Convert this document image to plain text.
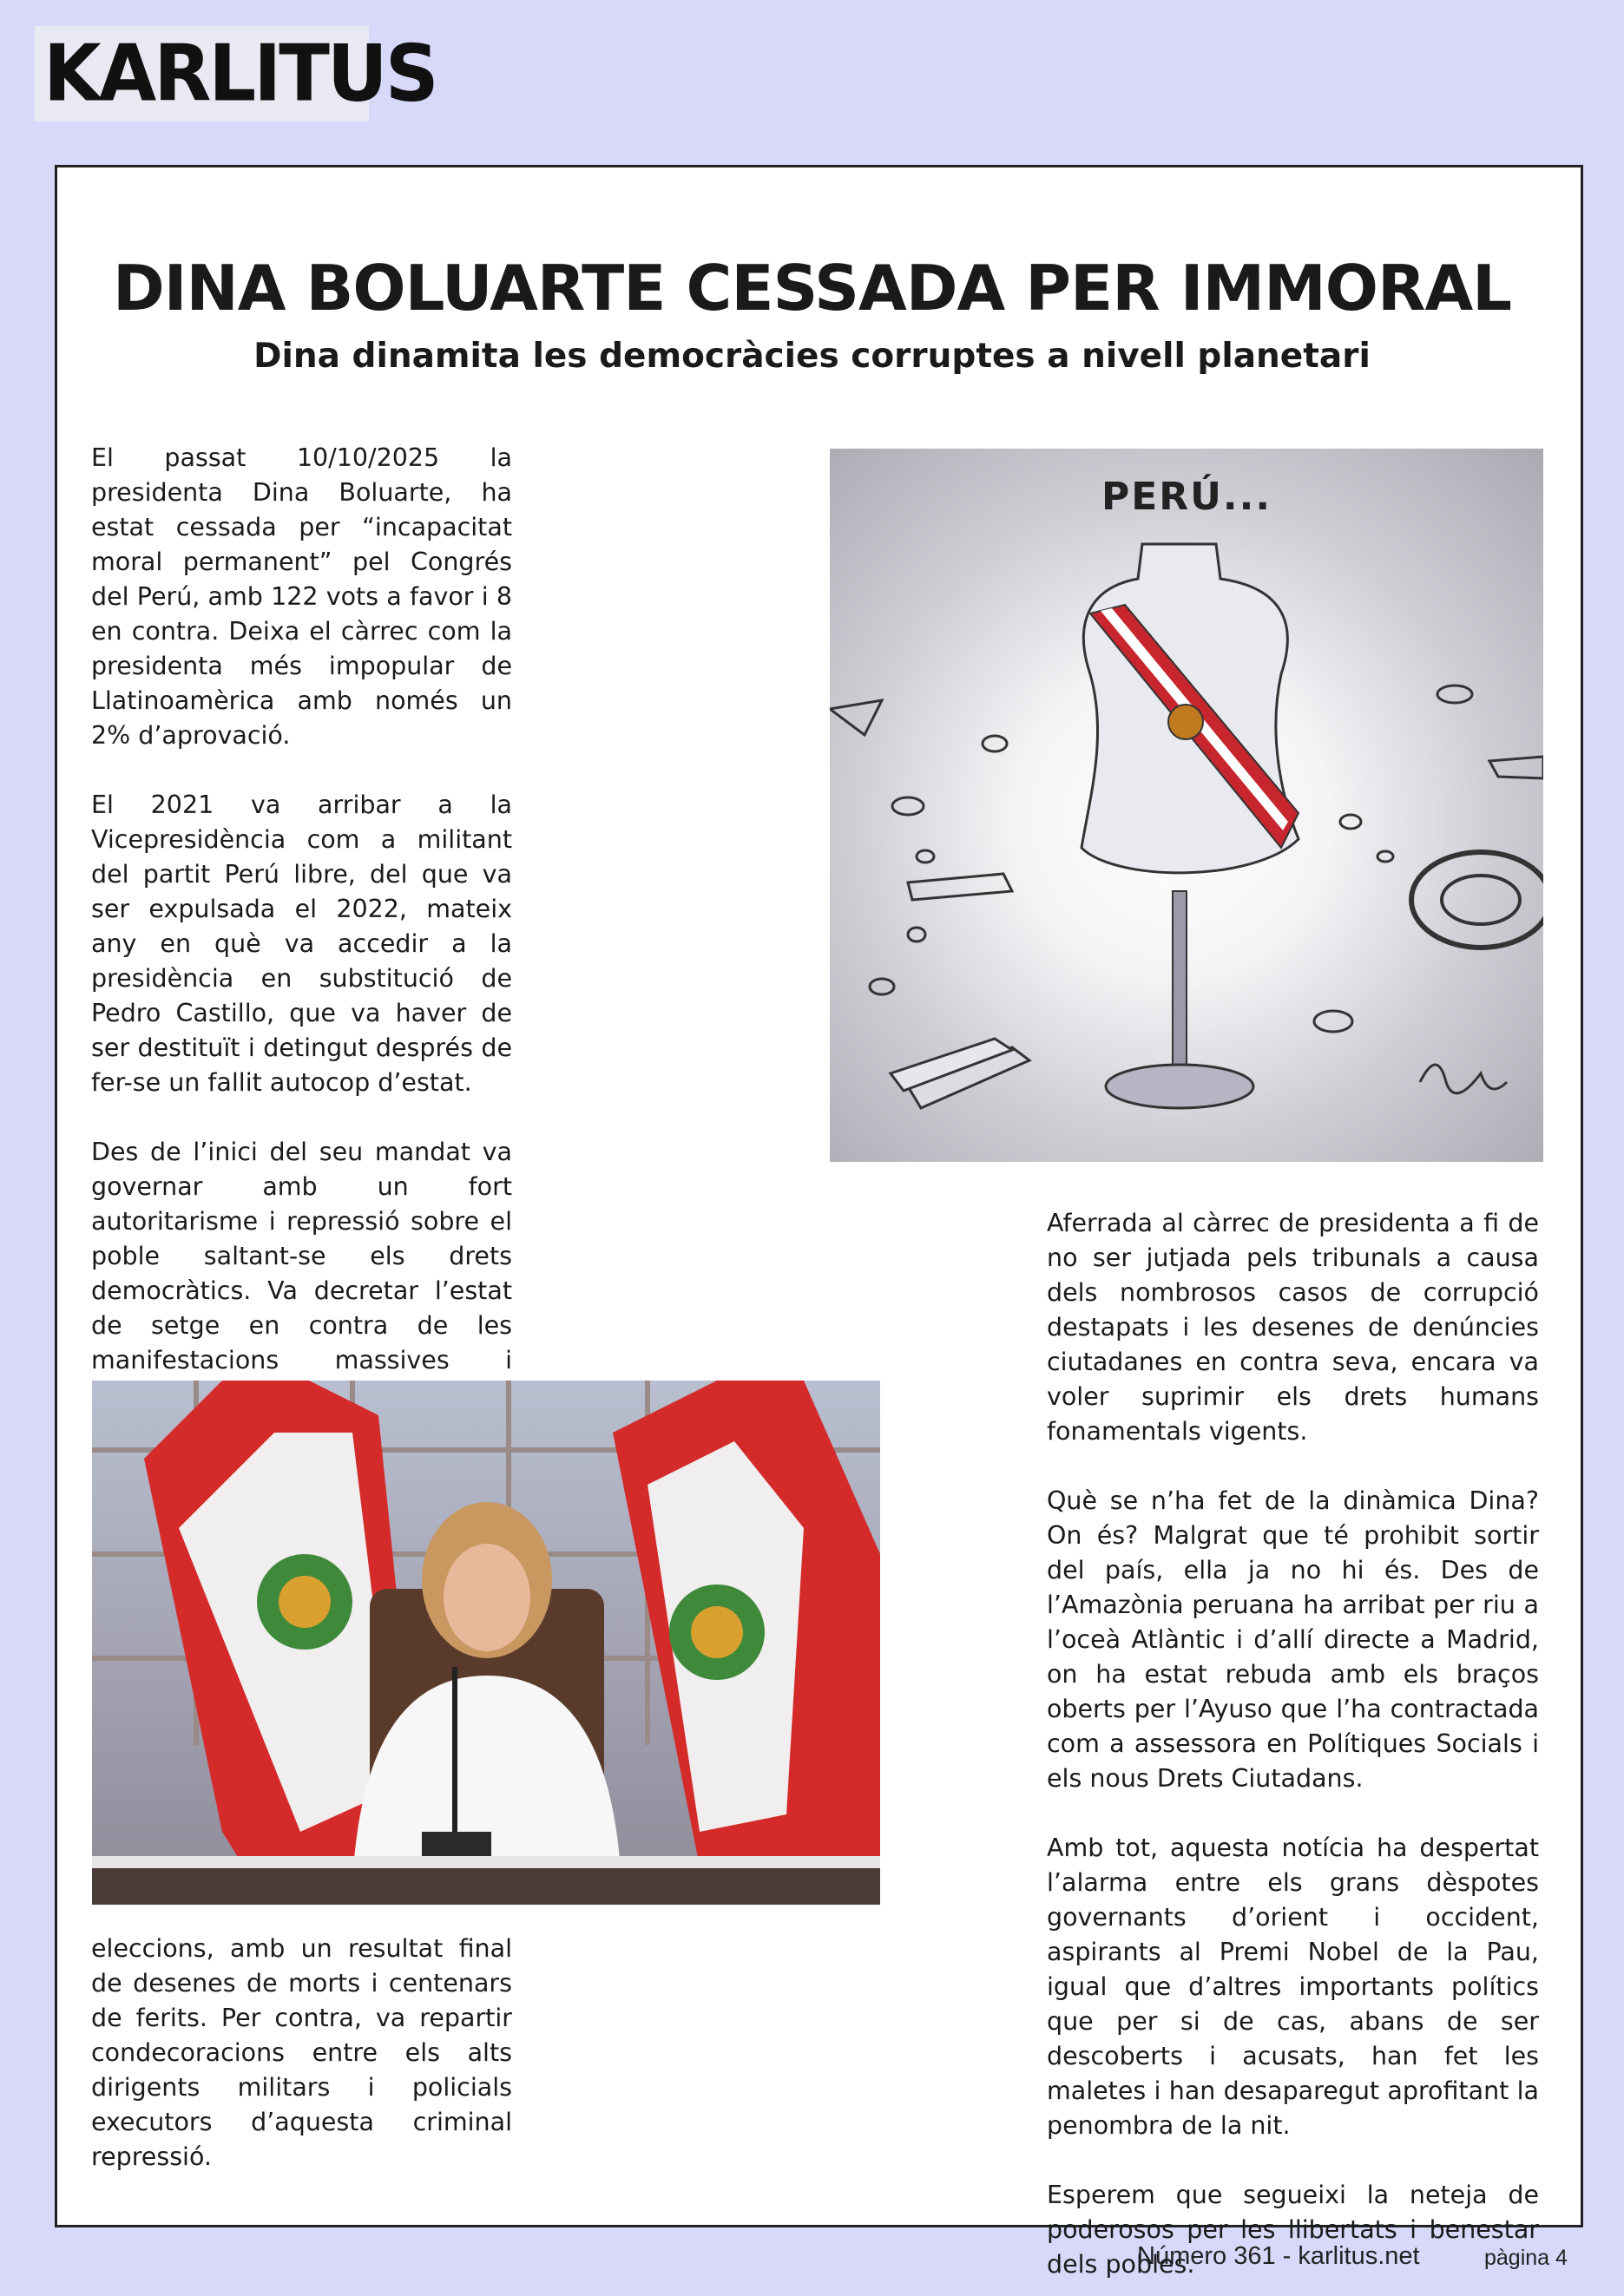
KARLITUS
DINA BOLUARTE CESSADA PER IMMORAL
Dina dinamita les democràcies corruptes a nivell planetari

El passat 10/10/2025 la presidenta Dina Boluarte, ha estat cessada per “incapacitat moral permanent” pel Congrés del Perú, amb 122 vots a favor i 8 en contra. Deixa el càrrec com la presidenta més impopular de Llatinoamèrica amb només un 2% d’aprovació.

El 2021 va arribar a la Vicepresidència com a militant del partit Perú libre, del que va ser expulsada el 2022, mateix any en què va accedir a la presidència en substitució de Pedro Castillo, que va haver de ser destituït i detingut després de fer-se un fallit autocop d’estat.

Des de l’inici del seu mandat va governar amb un fort autoritarisme i repressió sobre el poble saltant-se els drets democràtics. Va decretar l’estat de setge en contra de les manifestacions massives i

PERÚ...

eleccions, amb un resultat final de desenes de morts i centenars de ferits. Per contra, va repartir condecoracions entre els alts dirigents militars i policials executors d’aquesta criminal repressió.

Aferrada al càrrec de presidenta a fi de no ser jutjada pels tribunals a causa dels nombrosos casos de corrupció destapats i les desenes de denúncies ciutadanes en contra seva, encara va voler suprimir els drets humans fonamentals vigents.

Què se n’ha fet de la dinàmica Dina? On és? Malgrat que té prohibit sortir del país, ella ja no hi és. Des de l’Amazònia peruana ha arribat per riu a l’oceà Atlàntic i d’allí directe a Madrid, on ha estat rebuda amb els braços oberts per l’Ayuso que l’ha contractada com a assessora en Polítiques Socials i els nous Drets Ciutadans.

Amb tot, aquesta notícia ha despertat l’alarma entre els grans dèspotes governants d’orient i occident, aspirants al Premi Nobel de la Pau, igual que d’altres importants polítics que per si de cas, abans de ser descoberts i acusats, han fet les maletes i han desaparegut aprofitant la penombra de la nit.

Esperem que segueixi la neteja de poderosos per les llibertats i benestar dels pobles.

Número 361 - karlitus.net	pàgina 4
